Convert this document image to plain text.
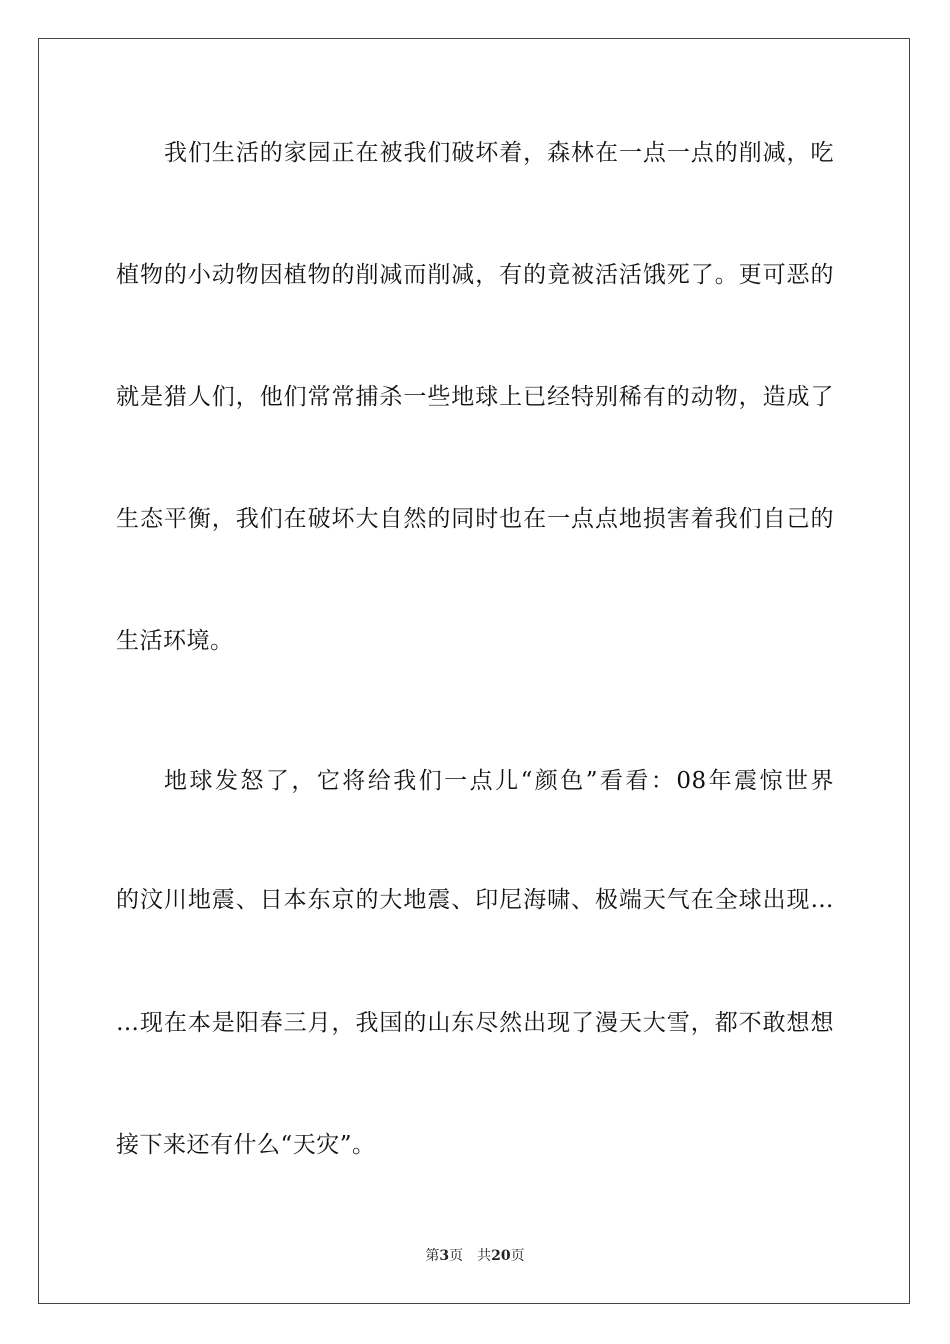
我们生活的家园正在被我们破坏着，森林在一点一点的削减，吃
植物的小动物因植物的削减而削减，有的竟被活活饿死了。更可恶的
就是猎人们，他们常常捕杀一些地球上已经特别稀有的动物，造成了
生态平衡，我们在破坏大自然的同时也在一点点地损害着我们自己的
生活环境。
地球发怒了，它将给我们一点儿“颜色”看看：08年震惊世界
的汶川地震、日本东京的大地震、印尼海啸、极端天气在全球出现…
…现在本是阳春三月，我国的山东尽然出现了漫天大雪，都不敢想想
接下来还有什么“天灾”。
第3页 共20页
